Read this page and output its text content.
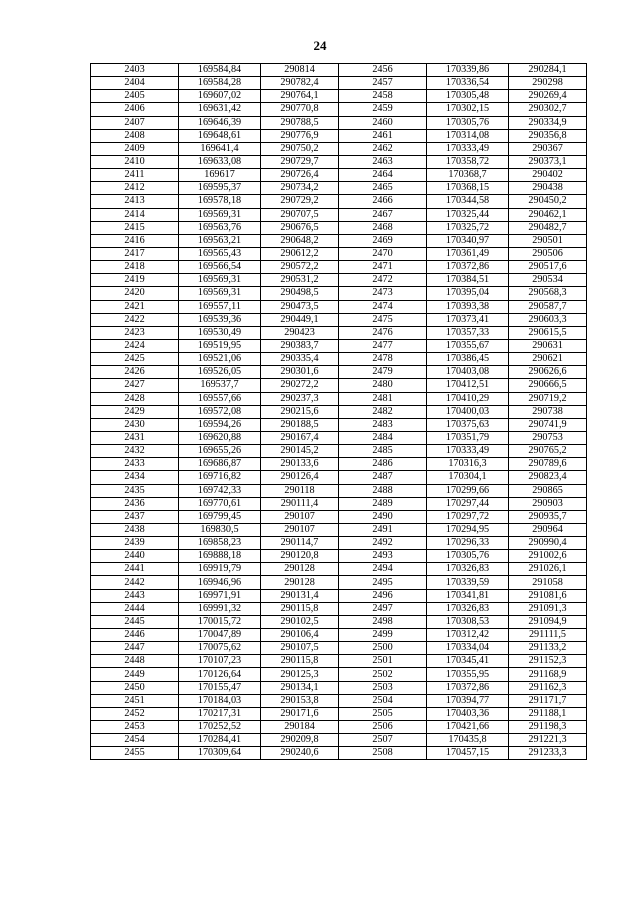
24
2403	169584,84	290814	2456	170339,86	290284,1
2404	169584,28	290782,4	2457	170336,54	290298
2405	169607,02	290764,1	2458	170305,48	290269,4
2406	169631,42	290770,8	2459	170302,15	290302,7
2407	169646,39	290788,5	2460	170305,76	290334,9
2408	169648,61	290776,9	2461	170314,08	290356,8
2409	169641,4	290750,2	2462	170333,49	290367
2410	169633,08	290729,7	2463	170358,72	290373,1
2411	169617	290726,4	2464	170368,7	290402
2412	169595,37	290734,2	2465	170368,15	290438
2413	169578,18	290729,2	2466	170344,58	290450,2
2414	169569,31	290707,5	2467	170325,44	290462,1
2415	169563,76	290676,5	2468	170325,72	290482,7
2416	169563,21	290648,2	2469	170340,97	290501
2417	169565,43	290612,2	2470	170361,49	290506
2418	169566,54	290572,2	2471	170372,86	290517,6
2419	169569,31	290531,2	2472	170384,51	290534
2420	169569,31	290498,5	2473	170395,04	290568,3
2421	169557,11	290473,5	2474	170393,38	290587,7
2422	169539,36	290449,1	2475	170373,41	290603,3
2423	169530,49	290423	2476	170357,33	290615,5
2424	169519,95	290383,7	2477	170355,67	290631
2425	169521,06	290335,4	2478	170386,45	290621
2426	169526,05	290301,6	2479	170403,08	290626,6
2427	169537,7	290272,2	2480	170412,51	290666,5
2428	169557,66	290237,3	2481	170410,29	290719,2
2429	169572,08	290215,6	2482	170400,03	290738
2430	169594,26	290188,5	2483	170375,63	290741,9
2431	169620,88	290167,4	2484	170351,79	290753
2432	169655,26	290145,2	2485	170333,49	290765,2
2433	169686,87	290133,6	2486	170316,3	290789,6
2434	169716,82	290126,4	2487	170304,1	290823,4
2435	169742,33	290118	2488	170299,66	290865
2436	169770,61	290111,4	2489	170297,44	290903
2437	169799,45	290107	2490	170297,72	290935,7
2438	169830,5	290107	2491	170294,95	290964
2439	169858,23	290114,7	2492	170296,33	290990,4
2440	169888,18	290120,8	2493	170305,76	291002,6
2441	169919,79	290128	2494	170326,83	291026,1
2442	169946,96	290128	2495	170339,59	291058
2443	169971,91	290131,4	2496	170341,81	291081,6
2444	169991,32	290115,8	2497	170326,83	291091,3
2445	170015,72	290102,5	2498	170308,53	291094,9
2446	170047,89	290106,4	2499	170312,42	291111,5
2447	170075,62	290107,5	2500	170334,04	291133,2
2448	170107,23	290115,8	2501	170345,41	291152,3
2449	170126,64	290125,3	2502	170355,95	291168,9
2450	170155,47	290134,1	2503	170372,86	291162,3
2451	170184,03	290153,8	2504	170394,77	291171,7
2452	170217,31	290171,6	2505	170403,36	291188,1
2453	170252,52	290184	2506	170421,66	291198,3
2454	170284,41	290209,8	2507	170435,8	291221,3
2455	170309,64	290240,6	2508	170457,15	291233,3
